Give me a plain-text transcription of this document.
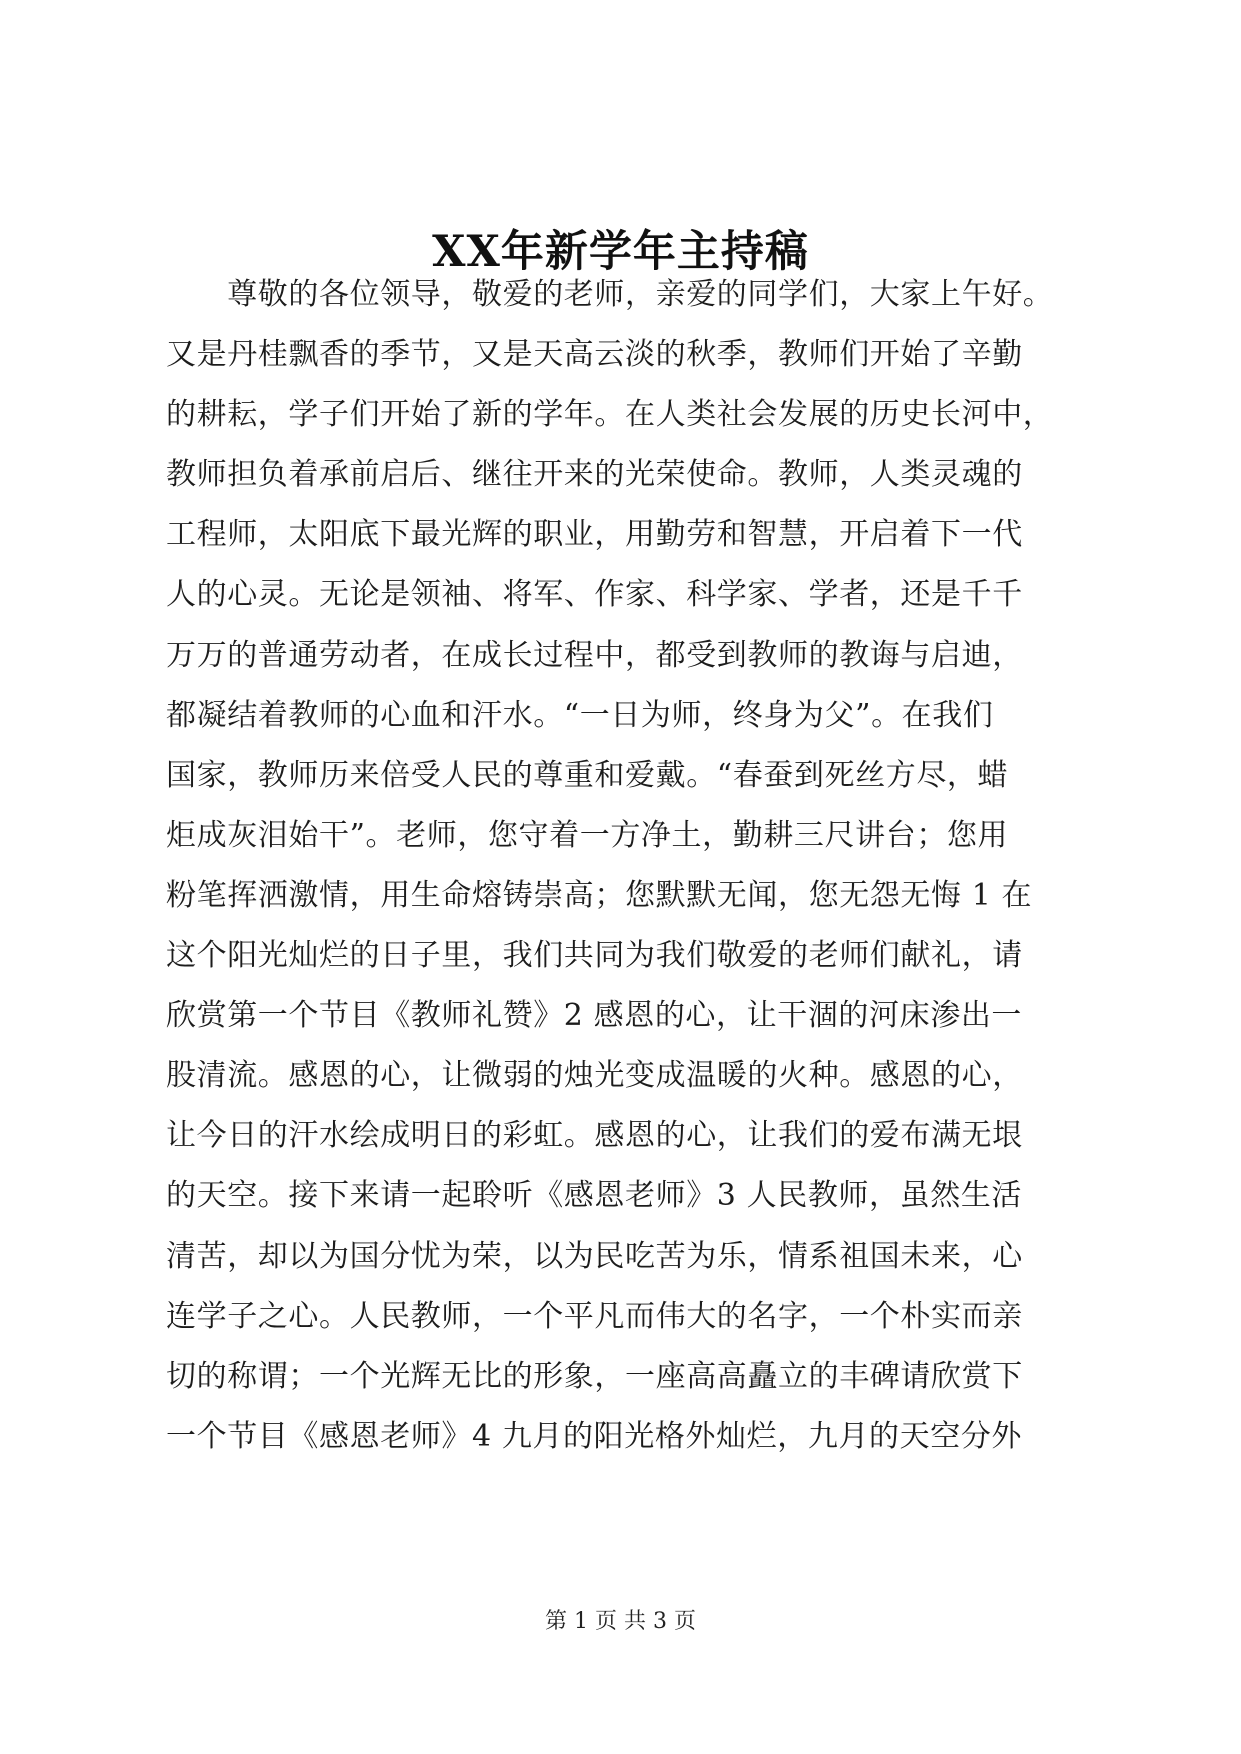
XX年新学年主持稿
　　尊敬的各位领导，敬爱的老师，亲爱的同学们，大家上午好。
又是丹桂飘香的季节，又是天高云淡的秋季，教师们开始了辛勤
的耕耘，学子们开始了新的学年。在人类社会发展的历史长河中，
教师担负着承前启后、继往开来的光荣使命。教师，人类灵魂的
工程师，太阳底下最光辉的职业，用勤劳和智慧，开启着下一代
人的心灵。无论是领袖、将军、作家、科学家、学者，还是千千
万万的普通劳动者，在成长过程中，都受到教师的教诲与启迪，
都凝结着教师的心血和汗水。“一日为师，终身为父”。在我们
国家，教师历来倍受人民的尊重和爱戴。“春蚕到死丝方尽，蜡
炬成灰泪始干”。老师，您守着一方净土，勤耕三尺讲台；您用
粉笔挥洒激情，用生命熔铸崇高；您默默无闻，您无怨无悔 1 在
这个阳光灿烂的日子里，我们共同为我们敬爱的老师们献礼，请
欣赏第一个节目《教师礼赞》2 感恩的心，让干涸的河床渗出一
股清流。感恩的心，让微弱的烛光变成温暖的火种。感恩的心，
让今日的汗水绘成明日的彩虹。感恩的心，让我们的爱布满无垠
的天空。接下来请一起聆听《感恩老师》3 人民教师，虽然生活
清苦，却以为国分忧为荣，以为民吃苦为乐，情系祖国未来，心
连学子之心。人民教师，一个平凡而伟大的名字，一个朴实而亲
切的称谓；一个光辉无比的形象，一座高高矗立的丰碑请欣赏下
一个节目《感恩老师》4 九月的阳光格外灿烂，九月的天空分外
第 1 页 共 3 页
